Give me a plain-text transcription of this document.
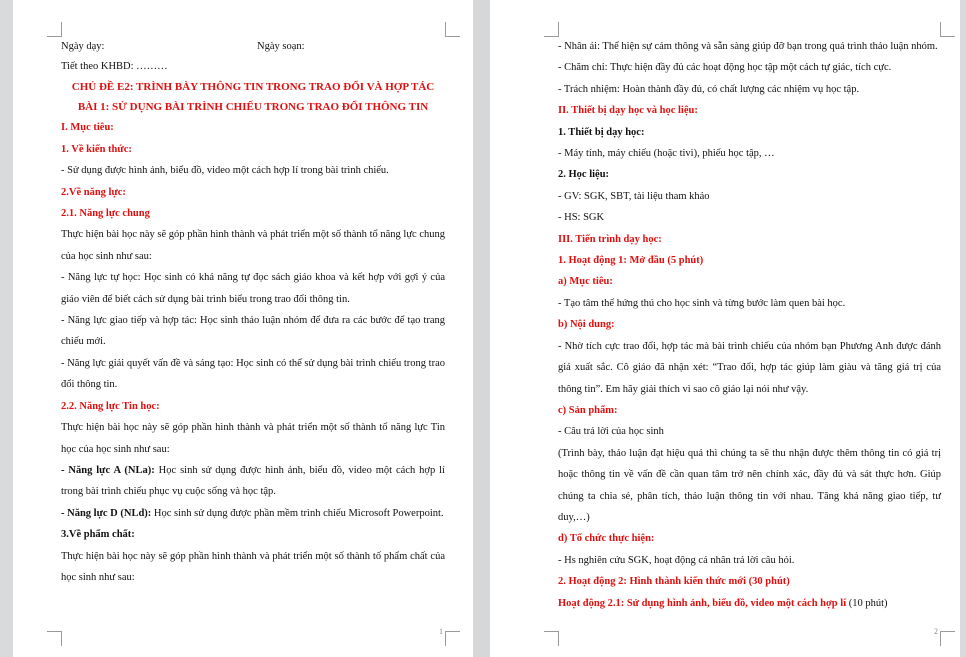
1

Ngày dạy:	Ngày soạn:

Tiết theo KHBD: ………

CHỦ ĐỀ E2: TRÌNH BÀY THÔNG TIN TRONG TRAO ĐỔI VÀ HỢP TÁC

BÀI 1: SỬ DỤNG BÀI TRÌNH CHIẾU TRONG TRAO ĐỔI THÔNG TIN

I. Mục tiêu:

1. Về kiến thức:

- Sử dụng được hình ảnh, biểu đồ, video một cách hợp lí trong bài trình chiếu.

2.Về năng lực:

2.1. Năng lực chung

Thực hiện bài học này sẽ góp phần hình thành và phát triển một số thành tố năng lực chung của học sinh như sau:

- Năng lực tự học: Học sinh có khả năng tự đọc sách giáo khoa và kết hợp với gợi ý của giáo viên để biết cách sử dụng bài trình biểu trong trao đổi thông tin.

- Năng lực giao tiếp và hợp tác: Học sinh thảo luận nhóm để đưa ra các bước để tạo trang chiếu mới.

- Năng lực giải quyết vấn đề và sáng tạo: Học sinh có thể sử dụng bài trình chiếu trong trao đổi thông tin.

2.2. Năng lực Tin học:

Thực hiện bài học này sẽ góp phần hình thành và phát triển một số thành tố năng lực Tin học của học sinh như sau:

- Năng lực A (NLa): Học sinh sử dụng được hình ảnh, biểu đồ, video một cách hợp lí trong bài trình chiếu phục vụ cuộc sống và học tập.

- Năng lực D (NLd): Học sinh sử dụng được phần mềm trình chiếu Microsoft Powerpoint.

3.Về phẩm chất:

Thực hiện bài học này sẽ góp phần hình thành và phát triển một số thành tố phẩm chất của học sinh như sau:

2

- Nhân ái: Thể hiện sự cảm thông và sẵn sàng giúp đỡ bạn trong quá trình thảo luận nhóm.

- Chăm chỉ: Thực hiện đầy đủ các hoạt động học tập một cách tự giác, tích cực.

- Trách nhiệm: Hoàn thành đầy đủ, có chất lượng các nhiệm vụ học tập.

II. Thiết bị dạy học và học liệu:

1. Thiết bị dạy học:

- Máy tính, máy chiếu (hoặc tivi), phiếu học tập, …

2. Học liệu:

- GV: SGK, SBT, tài liệu tham khảo

- HS: SGK

III. Tiến trình dạy học:

1. Hoạt động 1: Mở đầu (5 phút)

a) Mục tiêu:

- Tạo tâm thế hứng thú cho học sinh và từng bước làm quen bài học.

b) Nội dung:

- Nhờ tích cực trao đổi, hợp tác mà bài trình chiếu của nhóm bạn Phương Anh được đánh giá xuất sắc. Cô giáo đã nhận xét: “Trao đổi, hợp tác giúp làm giàu và tăng giá trị của thông tin”. Em hãy giải thích vì sao cô giáo lại nói như vậy.

c) Sản phẩm:

- Câu trả lời của học sinh

(Trình bày, thảo luận đạt hiệu quả thì chúng ta sẽ thu nhận được thêm thông tin có giá trị hoặc thông tin về vấn đề cần quan tâm trở nên chính xác, đầy đủ và sát thực hơn. Giúp chúng ta chia sẻ, phân tích, thảo luận thông tin với nhau. Tăng khả năng giao tiếp, tư duy,…)

d) Tổ chức thực hiện:

- Hs nghiên cứu SGK, hoạt động cá nhân trả lời câu hỏi.

2. Hoạt động 2: Hình thành kiến thức mới (30 phút)

Hoạt động 2.1: Sử dụng hình ảnh, biểu đồ, video một cách hợp lí (10 phút)
